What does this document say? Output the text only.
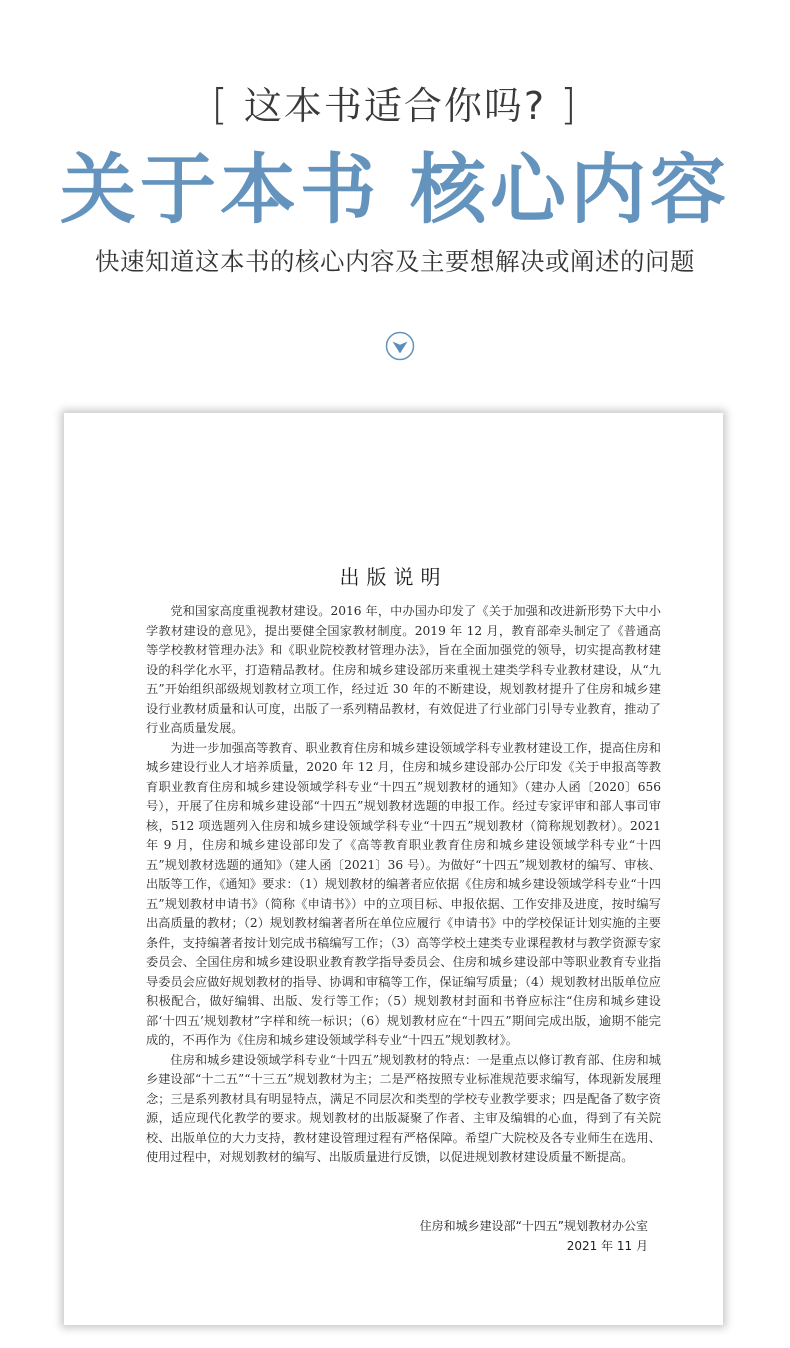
[ 这本书适合你吗? ]
关于本书 核心内容
快速知道这本书的核心内容及主要想解决或阐述的问题
出版说明

党和国家高度重视教材建设。2016 年，中办国办印发了《关于加强和改进新形势下大中小学教材建设的意见》，提出要健全国家教材制度。2019 年 12 月，教育部牵头制定了《普通高等学校教材管理办法》和《职业院校教材管理办法》，旨在全面加强党的领导，切实提高教材建设的科学化水平，打造精品教材。住房和城乡建设部历来重视土建类学科专业教材建设，从“九五”开始组织部级规划教材立项工作，经过近 30 年的不断建设，规划教材提升了住房和城乡建设行业教材质量和认可度，出版了一系列精品教材，有效促进了行业部门引导专业教育，推动了行业高质量发展。

为进一步加强高等教育、职业教育住房和城乡建设领域学科专业教材建设工作，提高住房和城乡建设行业人才培养质量，2020 年 12 月，住房和城乡建设部办公厅印发《关于申报高等教育职业教育住房和城乡建设领域学科专业“十四五”规划教材的通知》（建办人函〔2020〕656 号），开展了住房和城乡建设部“十四五”规划教材选题的申报工作。经过专家评审和部人事司审核，512 项选题列入住房和城乡建设领域学科专业“十四五”规划教材（简称规划教材）。2021 年 9 月，住房和城乡建设部印发了《高等教育职业教育住房和城乡建设领域学科专业“十四五”规划教材选题的通知》（建人函〔2021〕36 号）。为做好“十四五”规划教材的编写、审核、出版等工作，《通知》要求：（1）规划教材的编著者应依据《住房和城乡建设领域学科专业“十四五”规划教材申请书》（简称《申请书》）中的立项目标、申报依据、工作安排及进度，按时编写出高质量的教材；（2）规划教材编著者所在单位应履行《申请书》中的学校保证计划实施的主要条件，支持编著者按计划完成书稿编写工作；（3）高等学校土建类专业课程教材与教学资源专家委员会、全国住房和城乡建设职业教育教学指导委员会、住房和城乡建设部中等职业教育专业指导委员会应做好规划教材的指导、协调和审稿等工作，保证编写质量；（4）规划教材出版单位应积极配合，做好编辑、出版、发行等工作；（5）规划教材封面和书脊应标注“住房和城乡建设部‘十四五’规划教材”字样和统一标识；（6）规划教材应在“十四五”期间完成出版，逾期不能完成的，不再作为《住房和城乡建设领域学科专业“十四五”规划教材》。

住房和城乡建设领域学科专业“十四五”规划教材的特点：一是重点以修订教育部、住房和城乡建设部“十二五”“十三五”规划教材为主；二是严格按照专业标准规范要求编写，体现新发展理念；三是系列教材具有明显特点，满足不同层次和类型的学校专业教学要求；四是配备了数字资源，适应现代化教学的要求。规划教材的出版凝聚了作者、主审及编辑的心血，得到了有关院校、出版单位的大力支持，教材建设管理过程有严格保障。希望广大院校及各专业师生在选用、使用过程中，对规划教材的编写、出版质量进行反馈，以促进规划教材建设质量不断提高。

住房和城乡建设部“十四五”规划教材办公室
2021 年 11 月
